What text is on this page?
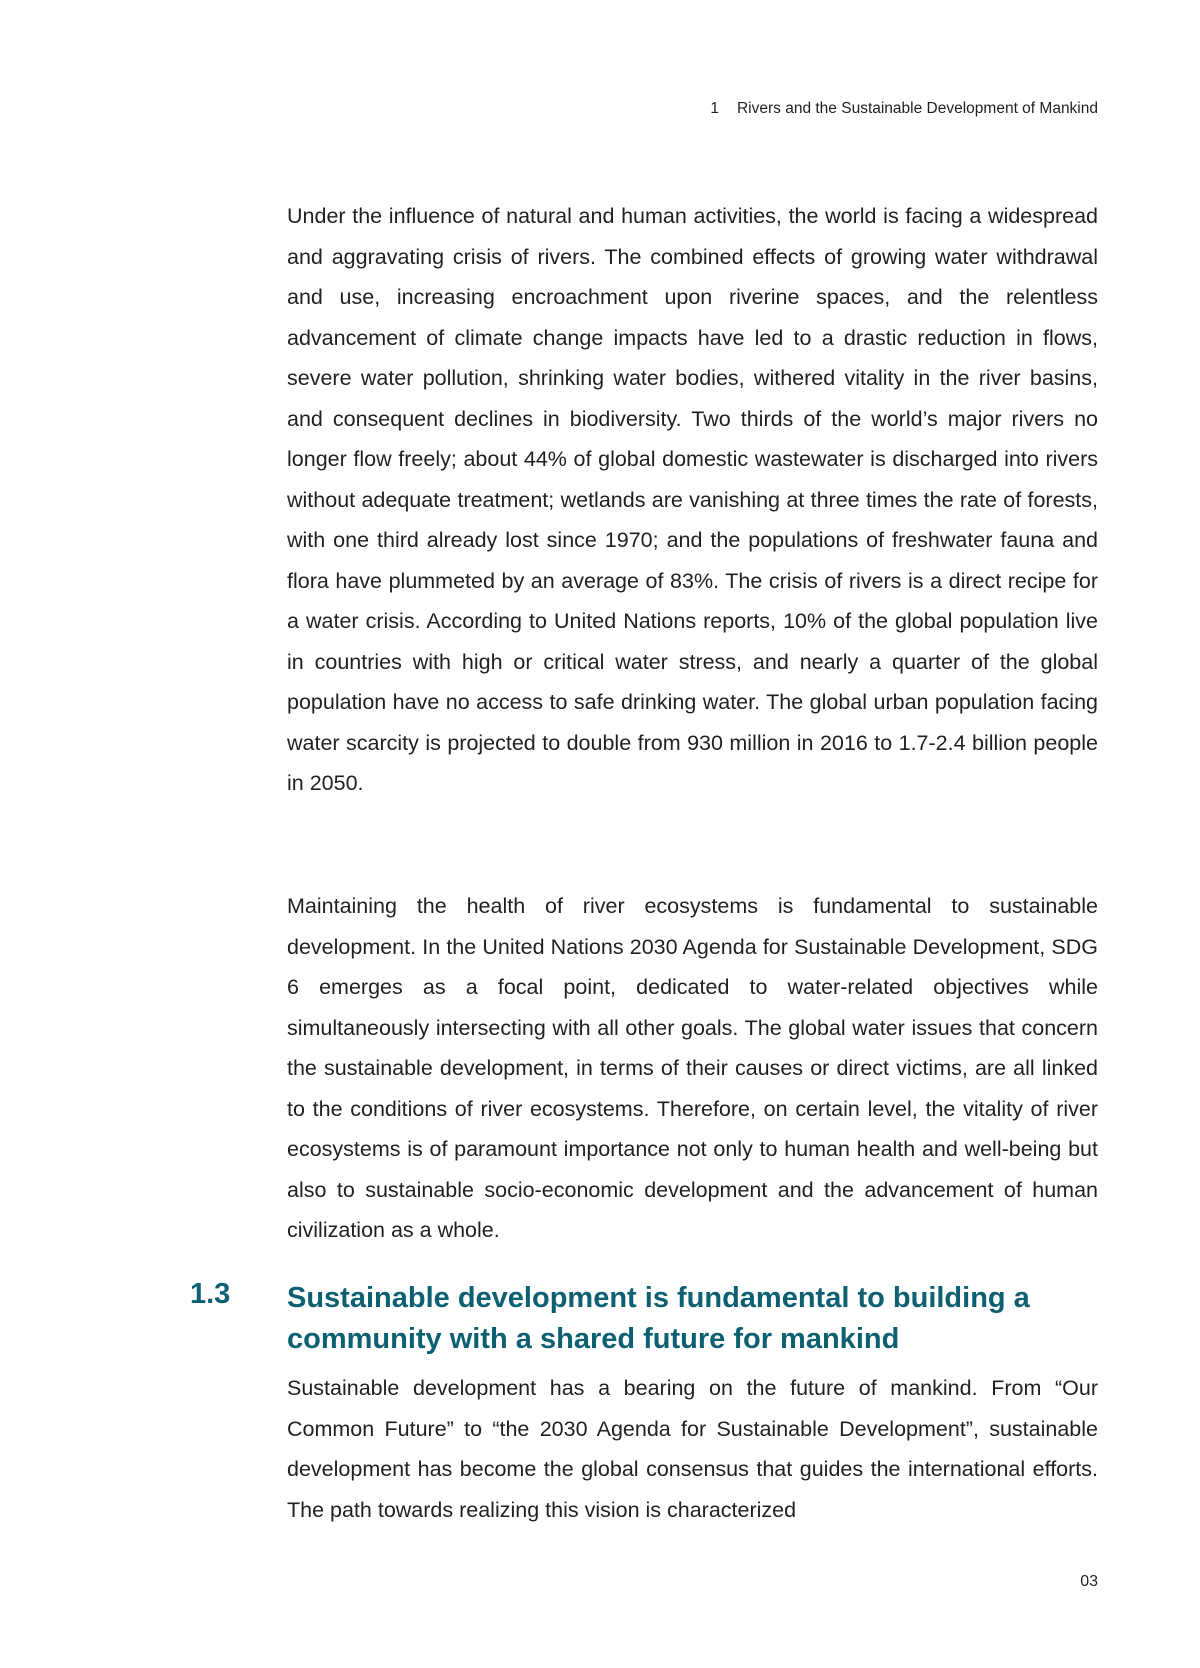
1 Rivers and the Sustainable Development of Mankind

Under the influence of natural and human activities, the world is facing a widespread and aggravating crisis of rivers. The combined effects of growing water withdrawal and use, increasing encroachment upon riverine spaces, and the relentless advancement of climate change impacts have led to a drastic reduction in flows, severe water pollution, shrinking water bodies, withered vitality in the river basins, and consequent declines in biodiversity. Two thirds of the world’s major rivers no longer flow freely; about 44% of global domestic wastewater is discharged into rivers without adequate treatment; wetlands are vanishing at three times the rate of forests, with one third already lost since 1970; and the populations of freshwater fauna and flora have plummeted by an average of 83%. The crisis of rivers is a direct recipe for a water crisis. According to United Nations reports, 10% of the global population live in countries with high or critical water stress, and nearly a quarter of the global population have no access to safe drinking water. The global urban population facing water scarcity is projected to double from 930 million in 2016 to 1.7-2.4 billion people in 2050.

Maintaining the health of river ecosystems is fundamental to sustainable development. In the United Nations 2030 Agenda for Sustainable Development, SDG 6 emerges as a focal point, dedicated to water-related objectives while simultaneously intersecting with all other goals. The global water issues that concern the sustainable development, in terms of their causes or direct victims, are all linked to the conditions of river ecosystems. Therefore, on certain level, the vitality of river ecosystems is of paramount importance not only to human health and well-being but also to sustainable socio-economic development and the advancement of human civilization as a whole.

1.3 Sustainable development is fundamental to building a community with a shared future for mankind

Sustainable development has a bearing on the future of mankind. From “Our Common Future” to “the 2030 Agenda for Sustainable Development”, sustainable development has become the global consensus that guides the international efforts. The path towards realizing this vision is characterized

03
